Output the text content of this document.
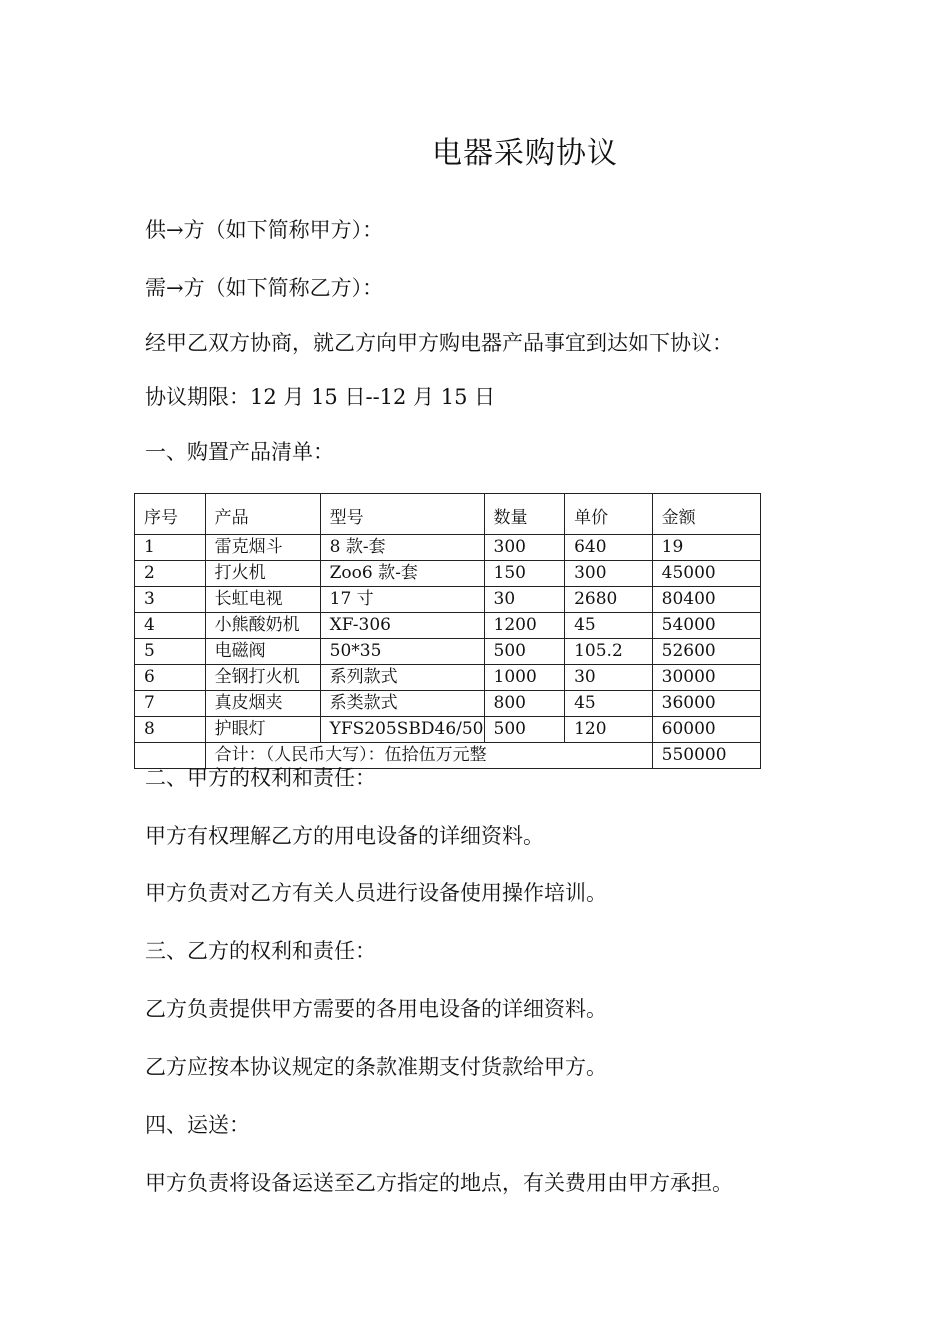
电器采购协议
供→方（如下简称甲方）：
需→方（如下简称乙方）：
经甲乙双方协商，就乙方向甲方购电器产品事宜到达如下协议：
协议期限：12 月 15 日--12 月 15 日
一、购置产品清单：
序号	产品	型号	数量	单价	金额
1	雷克烟斗	8 款-套	300	640	19
2	打火机	Zoo6 款-套	150	300	45000
3	长虹电视	17 寸	30	2680	80400
4	小熊酸奶机	XF-306	1200	45	54000
5	电磁阀	50*35	500	105.2	52600
6	全钢打火机	系列款式	1000	30	30000
7	真皮烟夹	系类款式	800	45	36000
8	护眼灯	YFS205SBD46/50	500	120	60000
	合计：（人民币大写）：伍拾伍万元整				550000
二、甲方的权利和责任：
甲方有权理解乙方的用电设备的详细资料。
甲方负责对乙方有关人员进行设备使用操作培训。
三、乙方的权利和责任：
乙方负责提供甲方需要的各用电设备的详细资料。
乙方应按本协议规定的条款准期支付货款给甲方。
四、运送：
甲方负责将设备运送至乙方指定的地点，有关费用由甲方承担。
